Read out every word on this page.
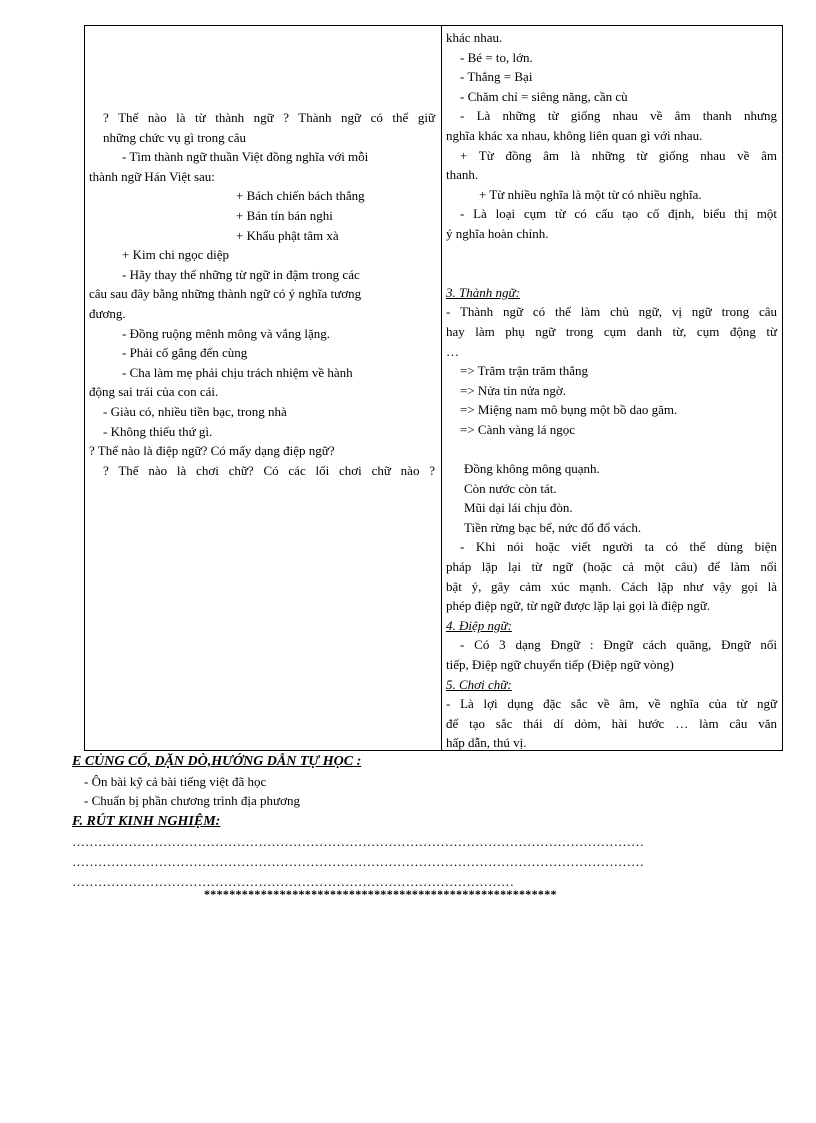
? Thế nào là từ thành ngữ ? Thành ngữ có thể giữ
những chức vụ gì trong câu
- Tìm thành ngữ thuần Việt đồng nghĩa với mỗi
thành ngữ Hán Việt sau:
+ Bách chiến bách thắng
+ Bán tín bán nghi
+ Khẩu phật tâm xà
+ Kim chi ngọc diệp
- Hãy thay thế những từ ngữ in đậm trong các
câu sau đây bằng những thành ngữ có ý nghĩa tương
đương.
- Đồng ruộng mênh mông và vắng lặng.
- Phải cố gắng đến cùng
- Cha làm mẹ phải chịu trách nhiệm về hành
động sai trái của con cái.
- Giàu có, nhiều tiền bạc, trong nhà
- Không thiếu thứ gì.
? Thế nào là điệp ngữ? Có mấy dạng điệp ngữ?
? Thế nào là chơi chữ? Có các lối chơi chữ nào ?
khác nhau.
- Bé = to, lớn.
- Thắng = Bại
- Chăm chỉ = siêng năng, cần cù
- Là những từ giống nhau về âm thanh nhưng
nghĩa khác xa nhau, không liên quan gì với nhau.
+ Từ đồng âm là những từ giống nhau về âm
thanh.
+ Từ nhiều nghĩa là một từ có nhiều nghĩa.
- Là loại cụm từ có cấu tạo cố định, biểu thị một
ý nghĩa hoàn chỉnh.
3. Thành ngữ:
- Thành ngữ có thể làm chủ ngữ, vị ngữ trong câu
hay làm phụ ngữ trong cụm danh từ, cụm động từ
…
=> Trăm trận trăm thắng
=> Nửa tin nửa ngờ.
=> Miệng nam mô bụng một bồ dao găm.
=> Cành vàng lá ngọc
Đồng không mông quạnh.
Còn nước còn tát.
Mũi dại lái chịu đòn.
Tiền rừng bạc bể, nức đố đổ vách.
- Khi nói hoặc viết người ta có thể dùng biện
pháp lặp lại từ ngữ (hoặc cả một câu) để làm nổi
bật ý, gây cảm xúc mạnh. Cách lặp như vậy gọi là
phép điệp ngữ, từ ngữ được lặp lại gọi là điệp ngữ.
4. Điệp ngữ:
- Có 3 dạng Đngữ : Đngữ cách quãng, Đngữ nối
tiếp, Điệp ngữ chuyển tiếp (Điệp ngữ vòng)
5. Chơi chữ:
- Là lợi dụng đặc sắc về âm, về nghĩa của từ ngữ
để tạo sắc thái dí dỏm, hài hước … làm câu văn
hấp dẫn, thú vị.
E CỦNG CỐ, DẶN DÒ,HƯỚNG DẪN TỰ HỌC :
- Ôn bài kỹ cả bài tiếng việt đã học
- Chuẩn bị phần chương trình địa phương
F. RÚT KINH NGHIỆM:
……………………………………………………………………………………………………………………
……………………………………………………………………………………………………………………
…………………………………………………………………………………………
********************************************************
